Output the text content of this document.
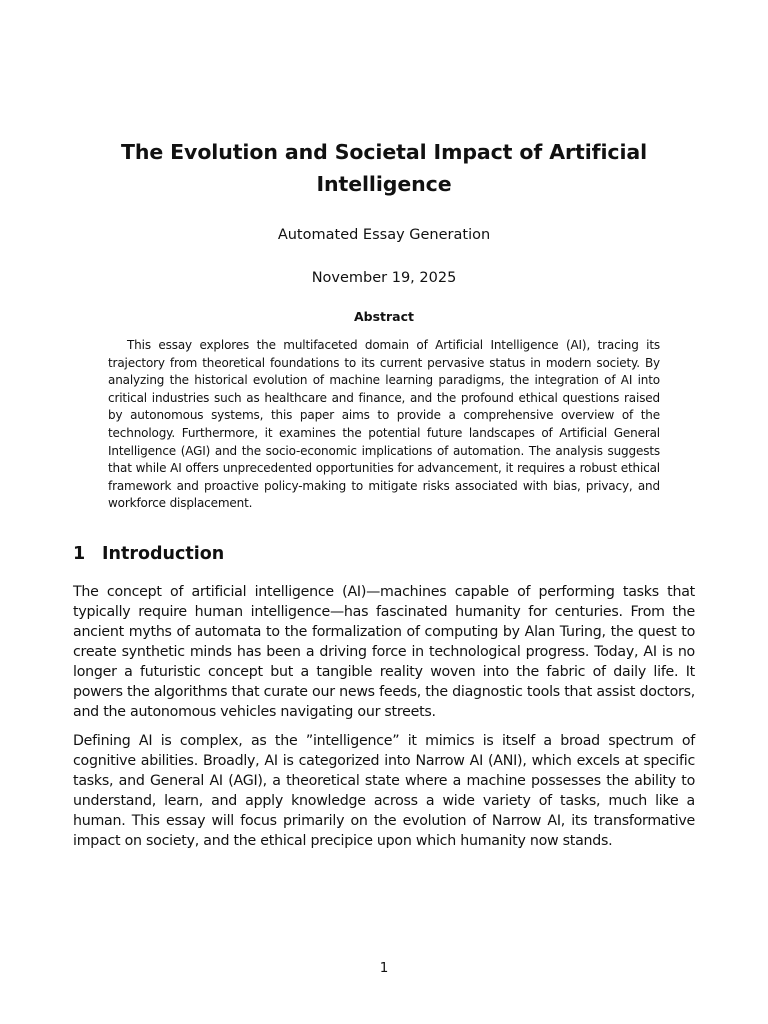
The Evolution and Societal Impact of Artificial Intelligence
Automated Essay Generation
November 19, 2025
Abstract

This essay explores the multifaceted domain of Artificial Intelligence (AI), tracing its trajectory from theoretical foundations to its current pervasive status in modern society. By analyzing the historical evolution of machine learning paradigms, the integration of AI into critical industries such as healthcare and finance, and the profound ethical questions raised by autonomous systems, this paper aims to provide a comprehensive overview of the technology. Furthermore, it examines the potential future landscapes of Artificial General Intelligence (AGI) and the socio-economic implications of automation. The analysis suggests that while AI offers unprecedented opportunities for advancement, it requires a robust ethical framework and proactive policy-making to mitigate risks associated with bias, privacy, and workforce displacement.

1 Introduction

The concept of artificial intelligence (AI)—machines capable of performing tasks that typically require human intelligence—has fascinated humanity for centuries. From the ancient myths of automata to the formalization of computing by Alan Turing, the quest to create synthetic minds has been a driving force in technological progress. Today, AI is no longer a futuristic concept but a tangible reality woven into the fabric of daily life. It powers the algorithms that curate our news feeds, the diagnostic tools that assist doctors, and the autonomous vehicles navigating our streets.

Defining AI is complex, as the ”intelligence” it mimics is itself a broad spectrum of cognitive abilities. Broadly, AI is categorized into Narrow AI (ANI), which excels at specific tasks, and General AI (AGI), a theoretical state where a machine possesses the ability to understand, learn, and apply knowledge across a wide variety of tasks, much like a human. This essay will focus primarily on the evolution of Narrow AI, its transformative impact on society, and the ethical precipice upon which humanity now stands.

1
